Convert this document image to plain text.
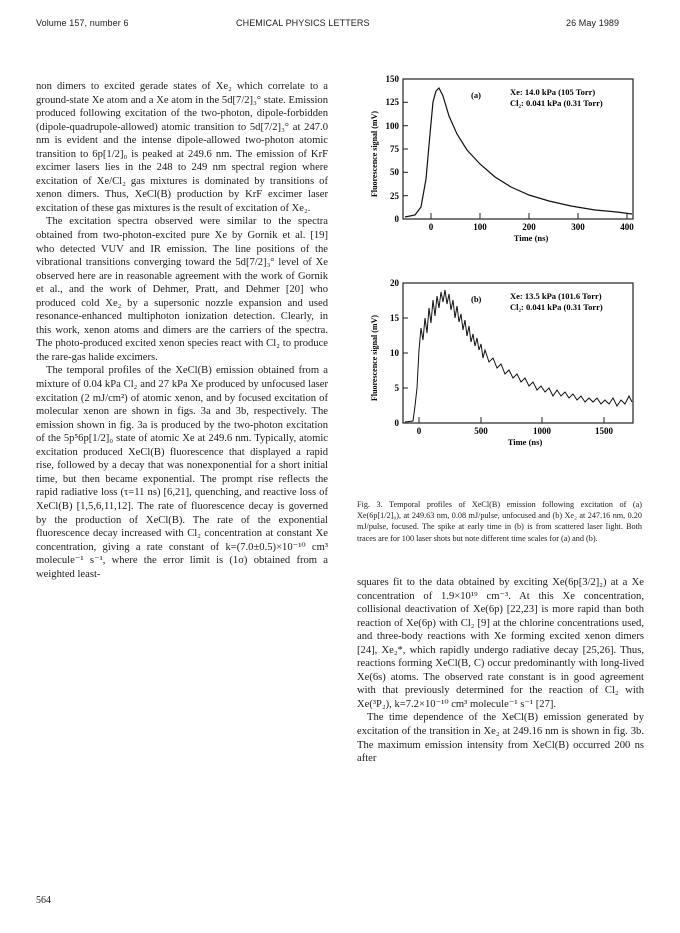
Volume 157, number 6	CHEMICAL PHYSICS LETTERS	26 May 1989

non dimers to excited gerade states of Xe₂ which correlate to a ground-state Xe atom and a Xe atom in the 5d[7/2]₃° state. Emission produced following excitation of the two-photon, dipole-forbidden (dipole-quadrupole-allowed) atomic transition to 5d[7/2]₃° at 247.0 nm is evident and the intense dipole-allowed two-photon atomic transition to 6p[1/2]₀ is peaked at 249.6 nm. The emission of KrF excimer lasers lies in the 248 to 249 nm spectral region where excitation of Xe/Cl₂ gas mixtures is dominated by transitions of xenon dimers. Thus, XeCl(B) production by KrF excimer laser excitation of these gas mixtures is the result of excitation of Xe₂.

The excitation spectra observed were similar to the spectra obtained from two-photon-excited pure Xe by Gornik et al. [19] who detected VUV and IR emission. The line positions of the vibrational transitions converging toward the 5d[7/2]₃° level of Xe observed here are in reasonable agreement with the work of Gornik et al., and the work of Dehmer, Pratt, and Dehmer [20] who produced cold Xe₂ by a supersonic nozzle expansion and used resonance-enhanced multiphoton ionization detection. Clearly, in this work, xenon atoms and dimers are the carriers of the spectra. The photo-produced excited xenon species react with Cl₂ to produce the rare-gas halide excimers.

The temporal profiles of the XeCl(B) emission obtained from a mixture of 0.04 kPa Cl₂ and 27 kPa Xe produced by unfocused laser excitation (2 mJ/cm²) of atomic xenon, and by focused excitation of molecular xenon are shown in figs. 3a and 3b, respectively. The emission shown in fig. 3a is produced by the two-photon excitation of the 5p⁵6p[1/2]₀ state of atomic Xe at 249.6 nm. Typically, atomic excitation produced XeCl(B) fluorescence that displayed a rapid rise, followed by a decay that was nonexponential for a short initial time, but then became exponential. The prompt rise reflects the rapid radiative loss (τ=11 ns) [6,21], quenching, and reactive loss of XeCl(B) [1,5,6,11,12]. The rate of fluorescence decay is governed by the production of XeCl(B). The rate of the exponential fluorescence decay increased with Cl₂ concentration at constant Xe concentration, giving a rate constant of k=(7.0±0.5)×10⁻¹⁰ cm³ molecule⁻¹ s⁻¹, where the error limit is (1σ) obtained from a weighted least-

Fluorescence signal (mV)
0
25
50
75
100
125
150
0	100	200	300	400
Time (ns)
(a)	Xe: 14.0 kPa (105 Torr)
Cl₂: 0.041 kPa (0.31 Torr)
Fluorescence signal (mV)
0
5
10
15
20
0	500	1000	1500
Time (ns)
(b)	Xe: 13.5 kPa (101.6 Torr)
Cl₂: 0.041 kPa (0.31 Torr)
Fig. 3. Temporal profiles of XeCl(B) emission following excitation of (a) Xe(6p[1/2]₀), at 249.63 nm, 0.08 mJ/pulse, unfocused and (b) Xe₂ at 247.16 nm, 0.20 mJ/pulse, focused. The spike at early time in (b) is from scattered laser light. Both traces are for 100 laser shots but note different time scales for (a) and (b).

squares fit to the data obtained by exciting Xe(6p[3/2]₂) at a Xe concentration of 1.9×10¹⁹ cm⁻³. At this Xe concentration, collisional deactivation of Xe(6p) [22,23] is more rapid than both reaction of Xe(6p) with Cl₂ [9] at the chlorine concentrations used, and three-body reactions with Xe forming excited xenon dimers [24], Xe₂*, which rapidly undergo radiative decay [25,26]. Thus, reactions forming XeCl(B, C) occur predominantly with long-lived Xe(6s) atoms. The observed rate constant is in good agreement with that previously determined for the reaction of Cl₂ with Xe(³P₂), k=7.2×10⁻¹⁰ cm³ molecule⁻¹ s⁻¹ [27].

The time dependence of the XeCl(B) emission generated by excitation of the transition in Xe₂ at 249.16 nm is shown in fig. 3b. The maximum emission intensity from XeCl(B) occurred 200 ns after

564
